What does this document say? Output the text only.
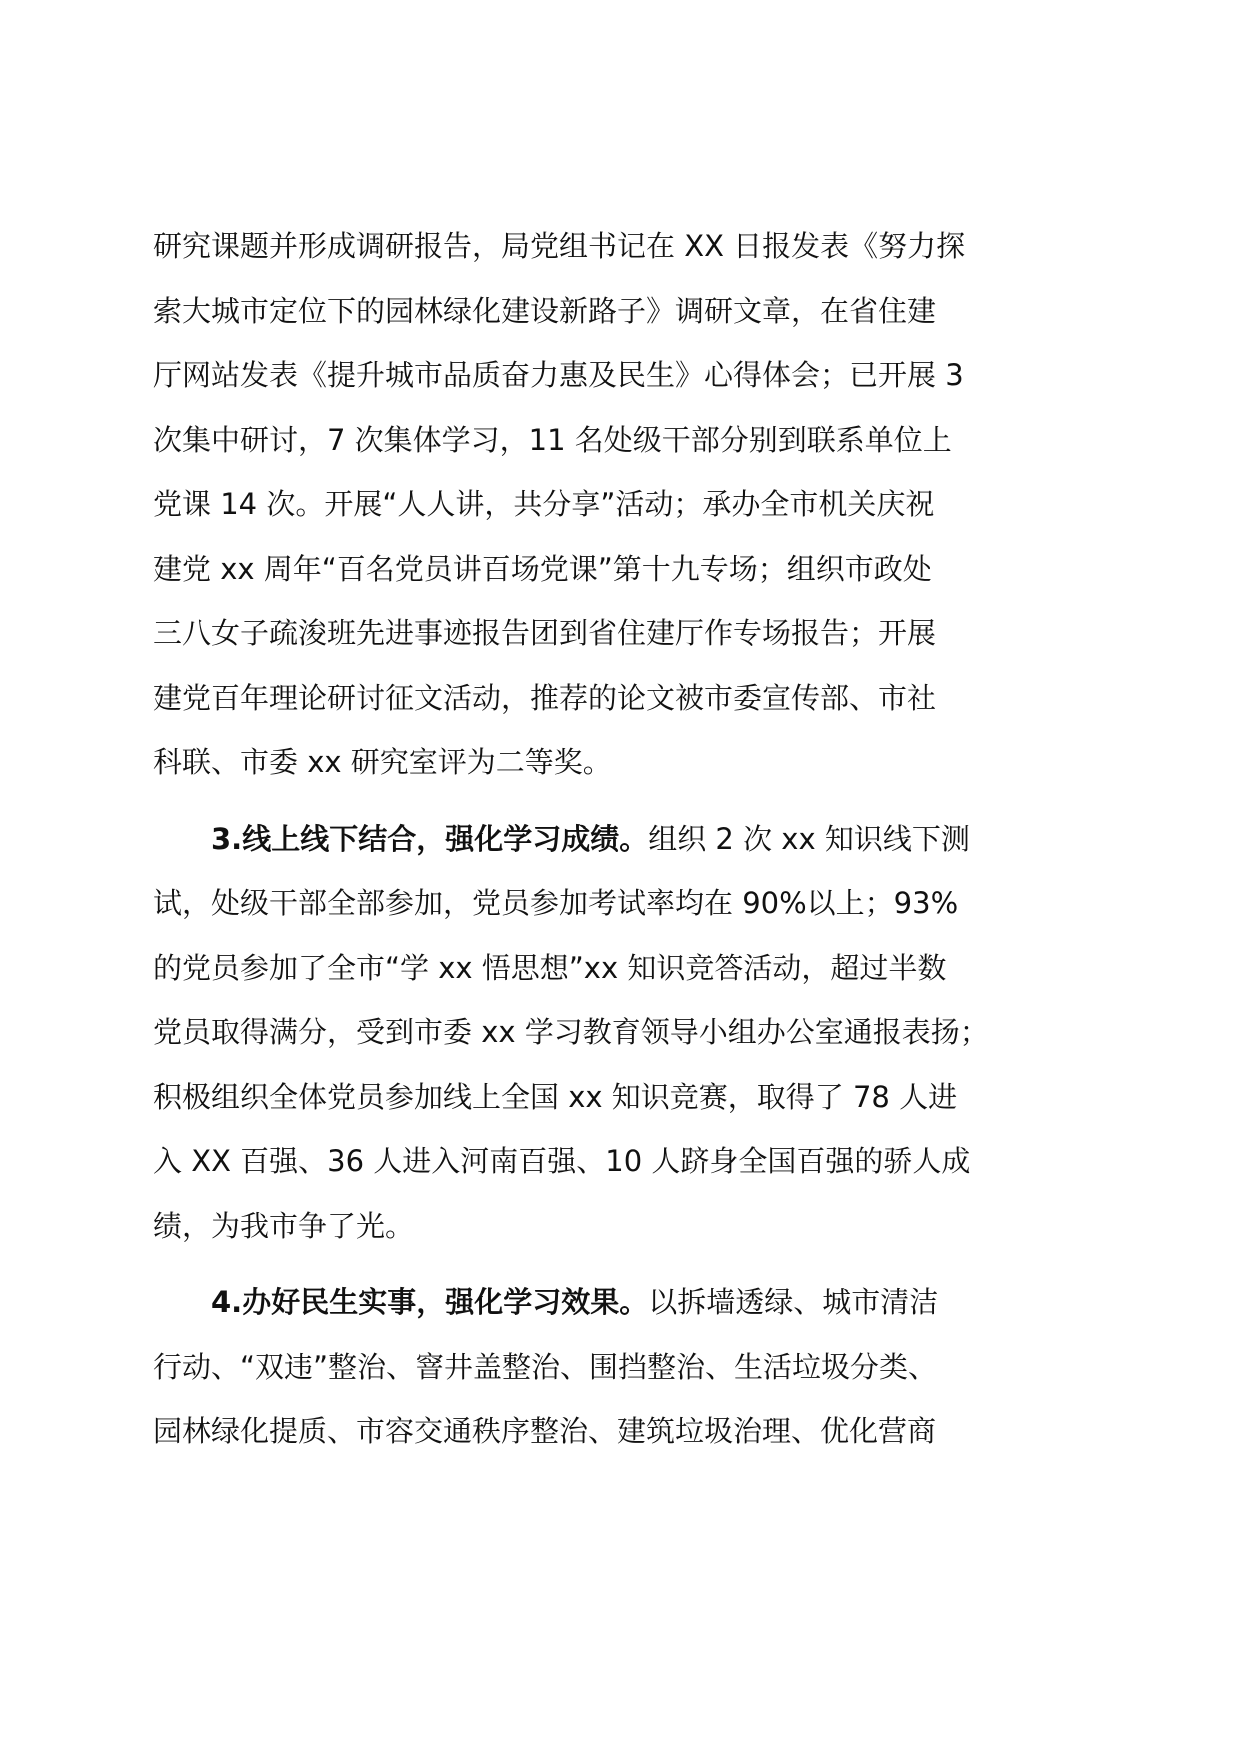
研究课题并形成调研报告，局党组书记在 XX 日报发表《努力探
索大城市定位下的园林绿化建设新路子》调研文章，在省住建
厅网站发表《提升城市品质奋力惠及民生》心得体会；已开展 3
次集中研讨，7 次集体学习，11 名处级干部分别到联系单位上
党课 14 次。开展“人人讲，共分享”活动；承办全市机关庆祝
建党 xx 周年“百名党员讲百场党课”第十九专场；组织市政处
三八女子疏浚班先进事迹报告团到省住建厅作专场报告；开展
建党百年理论研讨征文活动，推荐的论文被市委宣传部、市社
科联、市委 xx 研究室评为二等奖。
  3.线上线下结合，强化学习成绩。组织 2 次 xx 知识线下测
试，处级干部全部参加，党员参加考试率均在 90%以上；93%
的党员参加了全市“学 xx 悟思想”xx 知识竞答活动，超过半数
党员取得满分，受到市委 xx 学习教育领导小组办公室通报表扬；
积极组织全体党员参加线上全国 xx 知识竞赛，取得了 78 人进
入 XX 百强、36 人进入河南百强、10 人跻身全国百强的骄人成
绩，为我市争了光。
  4.办好民生实事，强化学习效果。以拆墙透绿、城市清洁
行动、“双违”整治、窨井盖整治、围挡整治、生活垃圾分类、
园林绿化提质、市容交通秩序整治、建筑垃圾治理、优化营商
